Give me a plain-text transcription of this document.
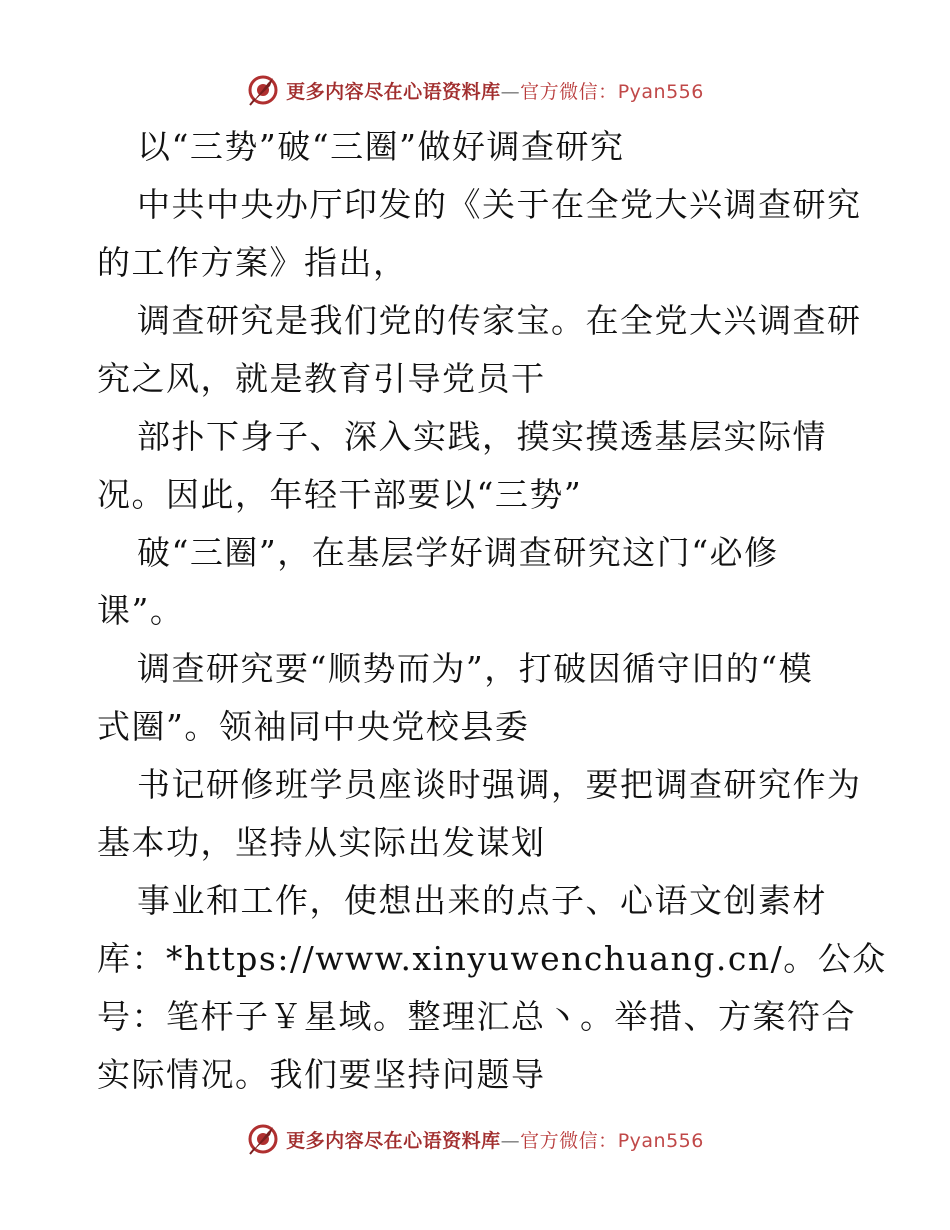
更多内容尽在心语资料库—官方微信：Pyan556
以“三势”破“三圈”做好调查研究
中共中央办厅印发的《关于在全党大兴调查研究
的工作方案》指出，
调查研究是我们党的传家宝。在全党大兴调查研
究之风，就是教育引导党员干
部扑下身子、深入实践，摸实摸透基层实际情
况。因此，年轻干部要以“三势”
破“三圈”，在基层学好调查研究这门“必修
课”。
调查研究要“顺势而为”，打破因循守旧的“模
式圈”。领袖同中央党校县委
书记研修班学员座谈时强调，要把调查研究作为
基本功，坚持从实际出发谋划
事业和工作，使想出来的点子、心语文创素材
库：*https://www.xinyuwenchuang.cn/。公众
号：笔杆子￥星域。整理汇总丶。举措、方案符合
实际情况。我们要坚持问题导
更多内容尽在心语资料库—官方微信：Pyan556
